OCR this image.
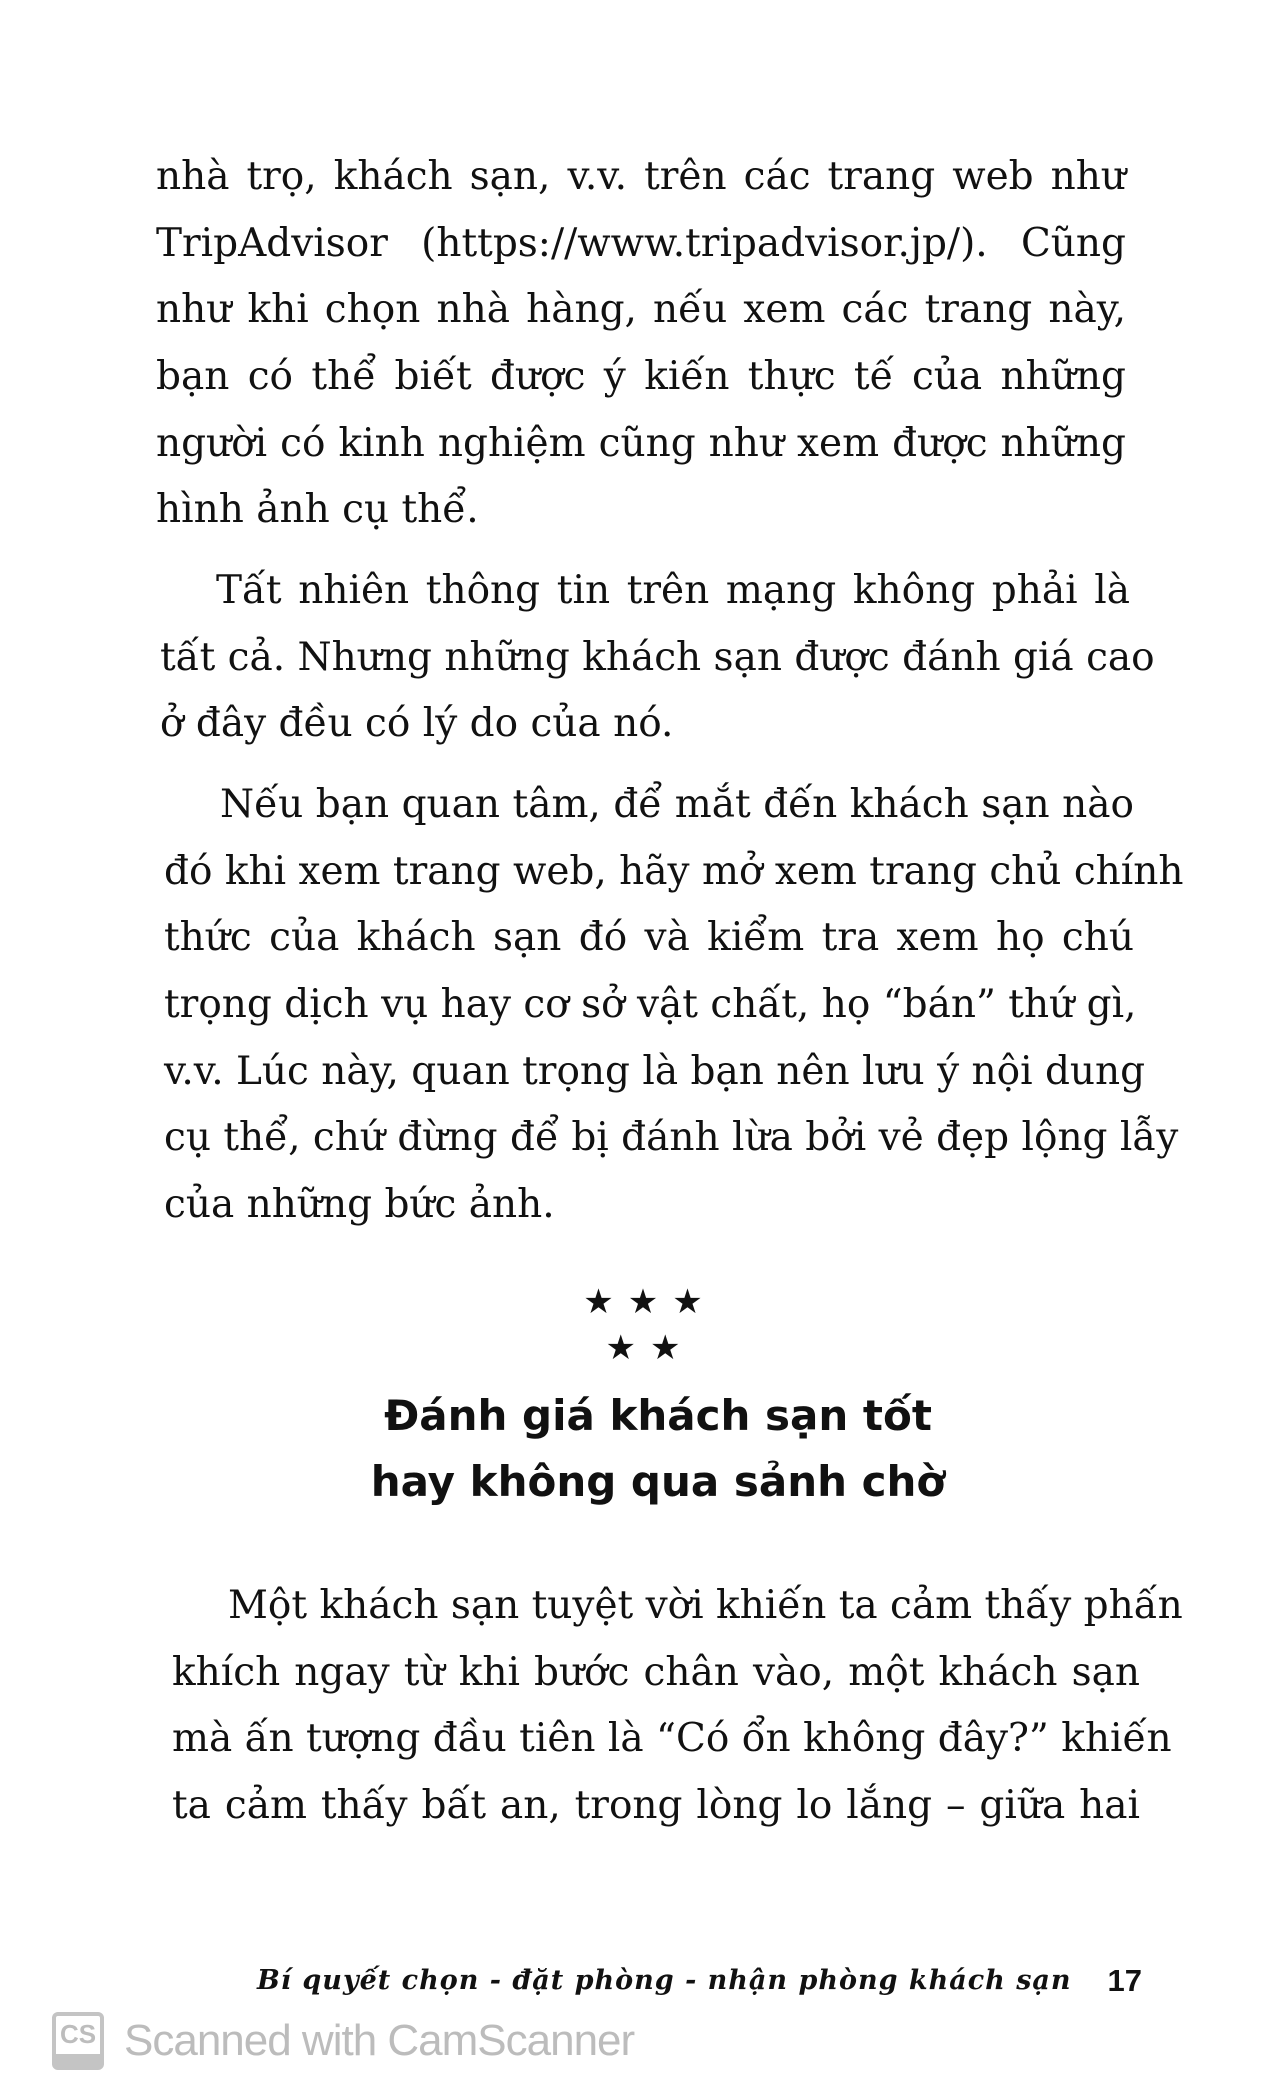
nhà trọ, khách sạn, v.v. trên các trang web như
TripAdvisor (https://www.tripadvisor.jp/). Cũng
như khi chọn nhà hàng, nếu xem các trang này,
bạn có thể biết được ý kiến thực tế của những
người có kinh nghiệm cũng như xem được những
hình ảnh cụ thể.
Tất nhiên thông tin trên mạng không phải là
tất cả. Nhưng những khách sạn được đánh giá cao
ở đây đều có lý do của nó.
Nếu bạn quan tâm, để mắt đến khách sạn nào
đó khi xem trang web, hãy mở xem trang chủ chính
thức của khách sạn đó và kiểm tra xem họ chú
trọng dịch vụ hay cơ sở vật chất, họ “bán” thứ gì,
v.v. Lúc này, quan trọng là bạn nên lưu ý nội dung
cụ thể, chứ đừng để bị đánh lừa bởi vẻ đẹp lộng lẫy
của những bức ảnh.
★★★
★★
Đánh giá khách sạn tốt
hay không qua sảnh chờ
Một khách sạn tuyệt vời khiến ta cảm thấy phấn
khích ngay từ khi bước chân vào, một khách sạn
mà ấn tượng đầu tiên là “Có ổn không đây?” khiến
ta cảm thấy bất an, trong lòng lo lắng – giữa hai
Bí quyết chọn - đặt phòng - nhận phòng khách sạn 17
CS Scanned with CamScanner
